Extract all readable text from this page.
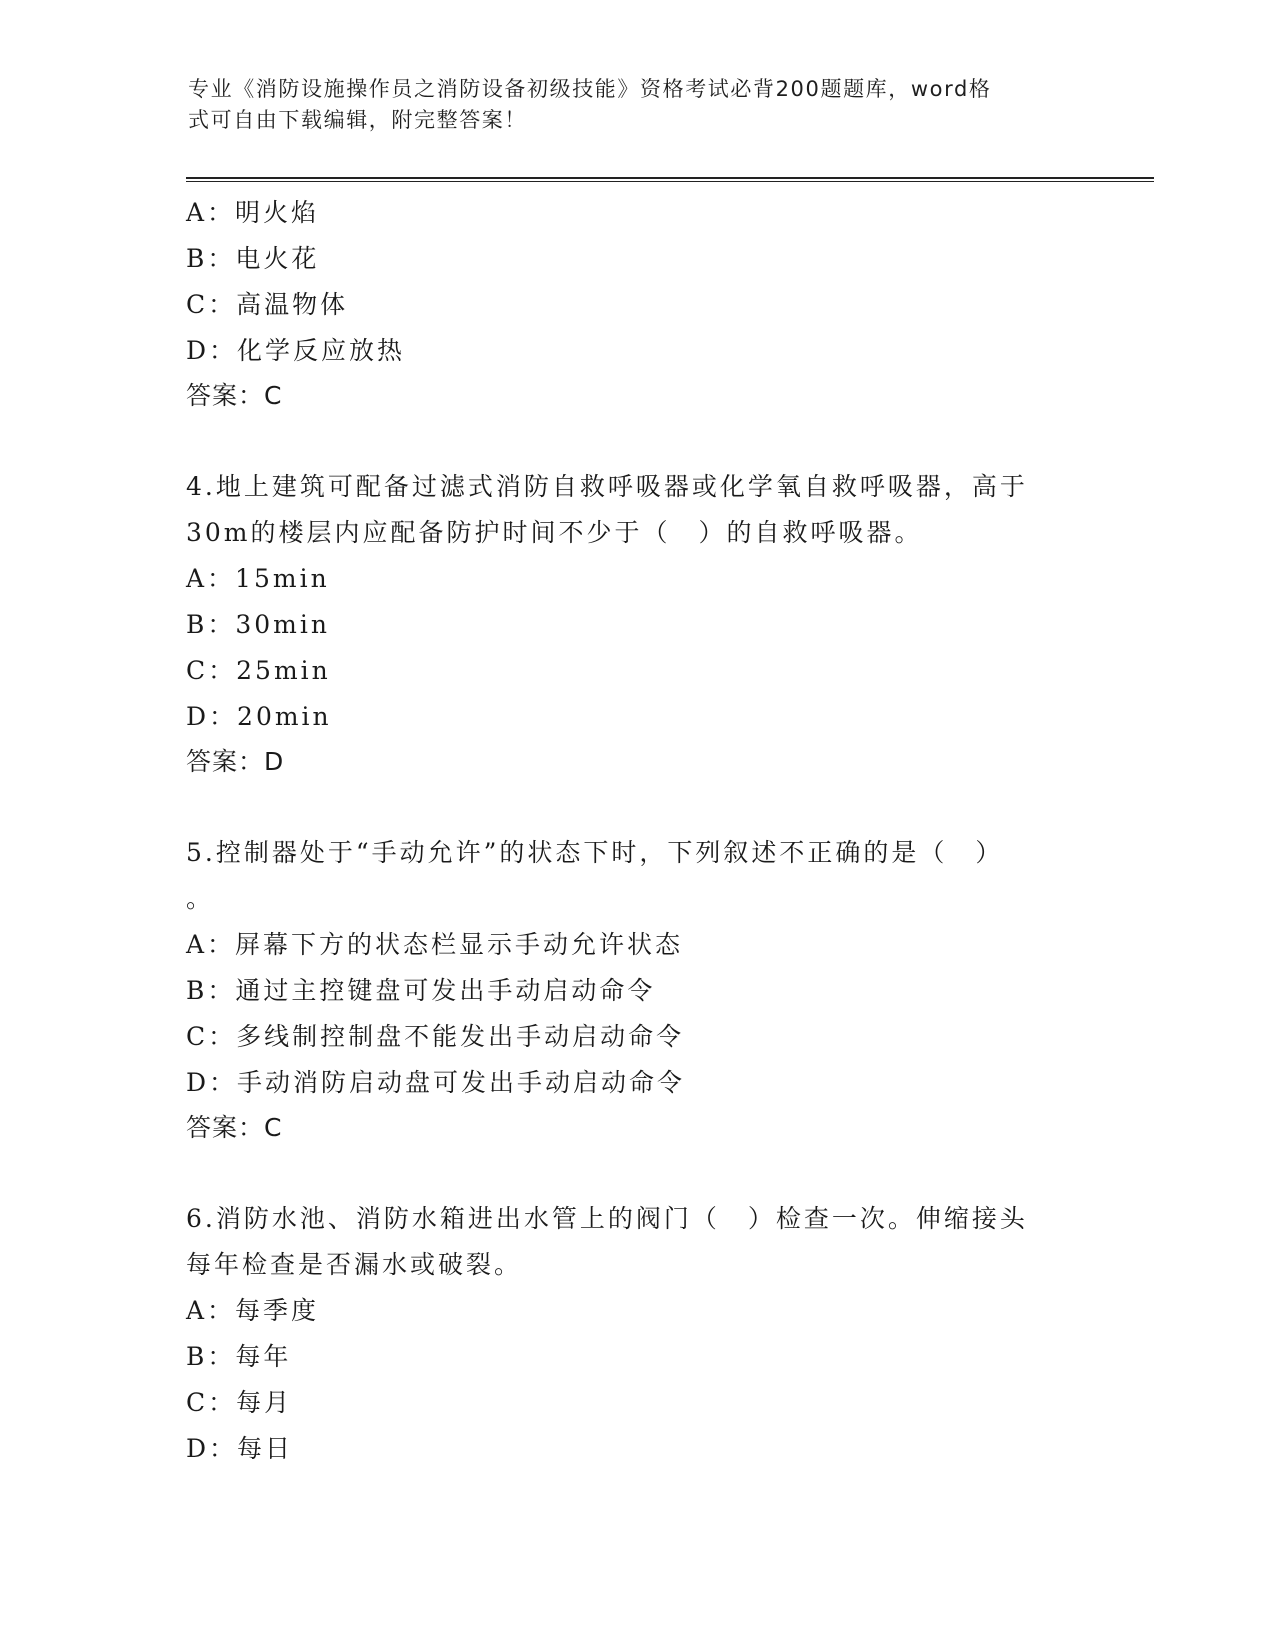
专业《消防设施操作员之消防设备初级技能》资格考试必背200题题库，word格
式可自由下载编辑，附完整答案！
A：明火焰
B：电火花
C：高温物体
D：化学反应放热
答案：C
4.地上建筑可配备过滤式消防自救呼吸器或化学氧自救呼吸器，高于
30m的楼层内应配备防护时间不少于（　）的自救呼吸器。
A：15min
B：30min
C：25min
D：20min
答案：D
5.控制器处于“手动允许”的状态下时，下列叙述不正确的是（　）
。
A：屏幕下方的状态栏显示手动允许状态
B：通过主控键盘可发出手动启动命令
C：多线制控制盘不能发出手动启动命令
D：手动消防启动盘可发出手动启动命令
答案：C
6.消防水池、消防水箱进出水管上的阀门（　）检查一次。伸缩接头
每年检查是否漏水或破裂。
A：每季度
B：每年
C：每月
D：每日
